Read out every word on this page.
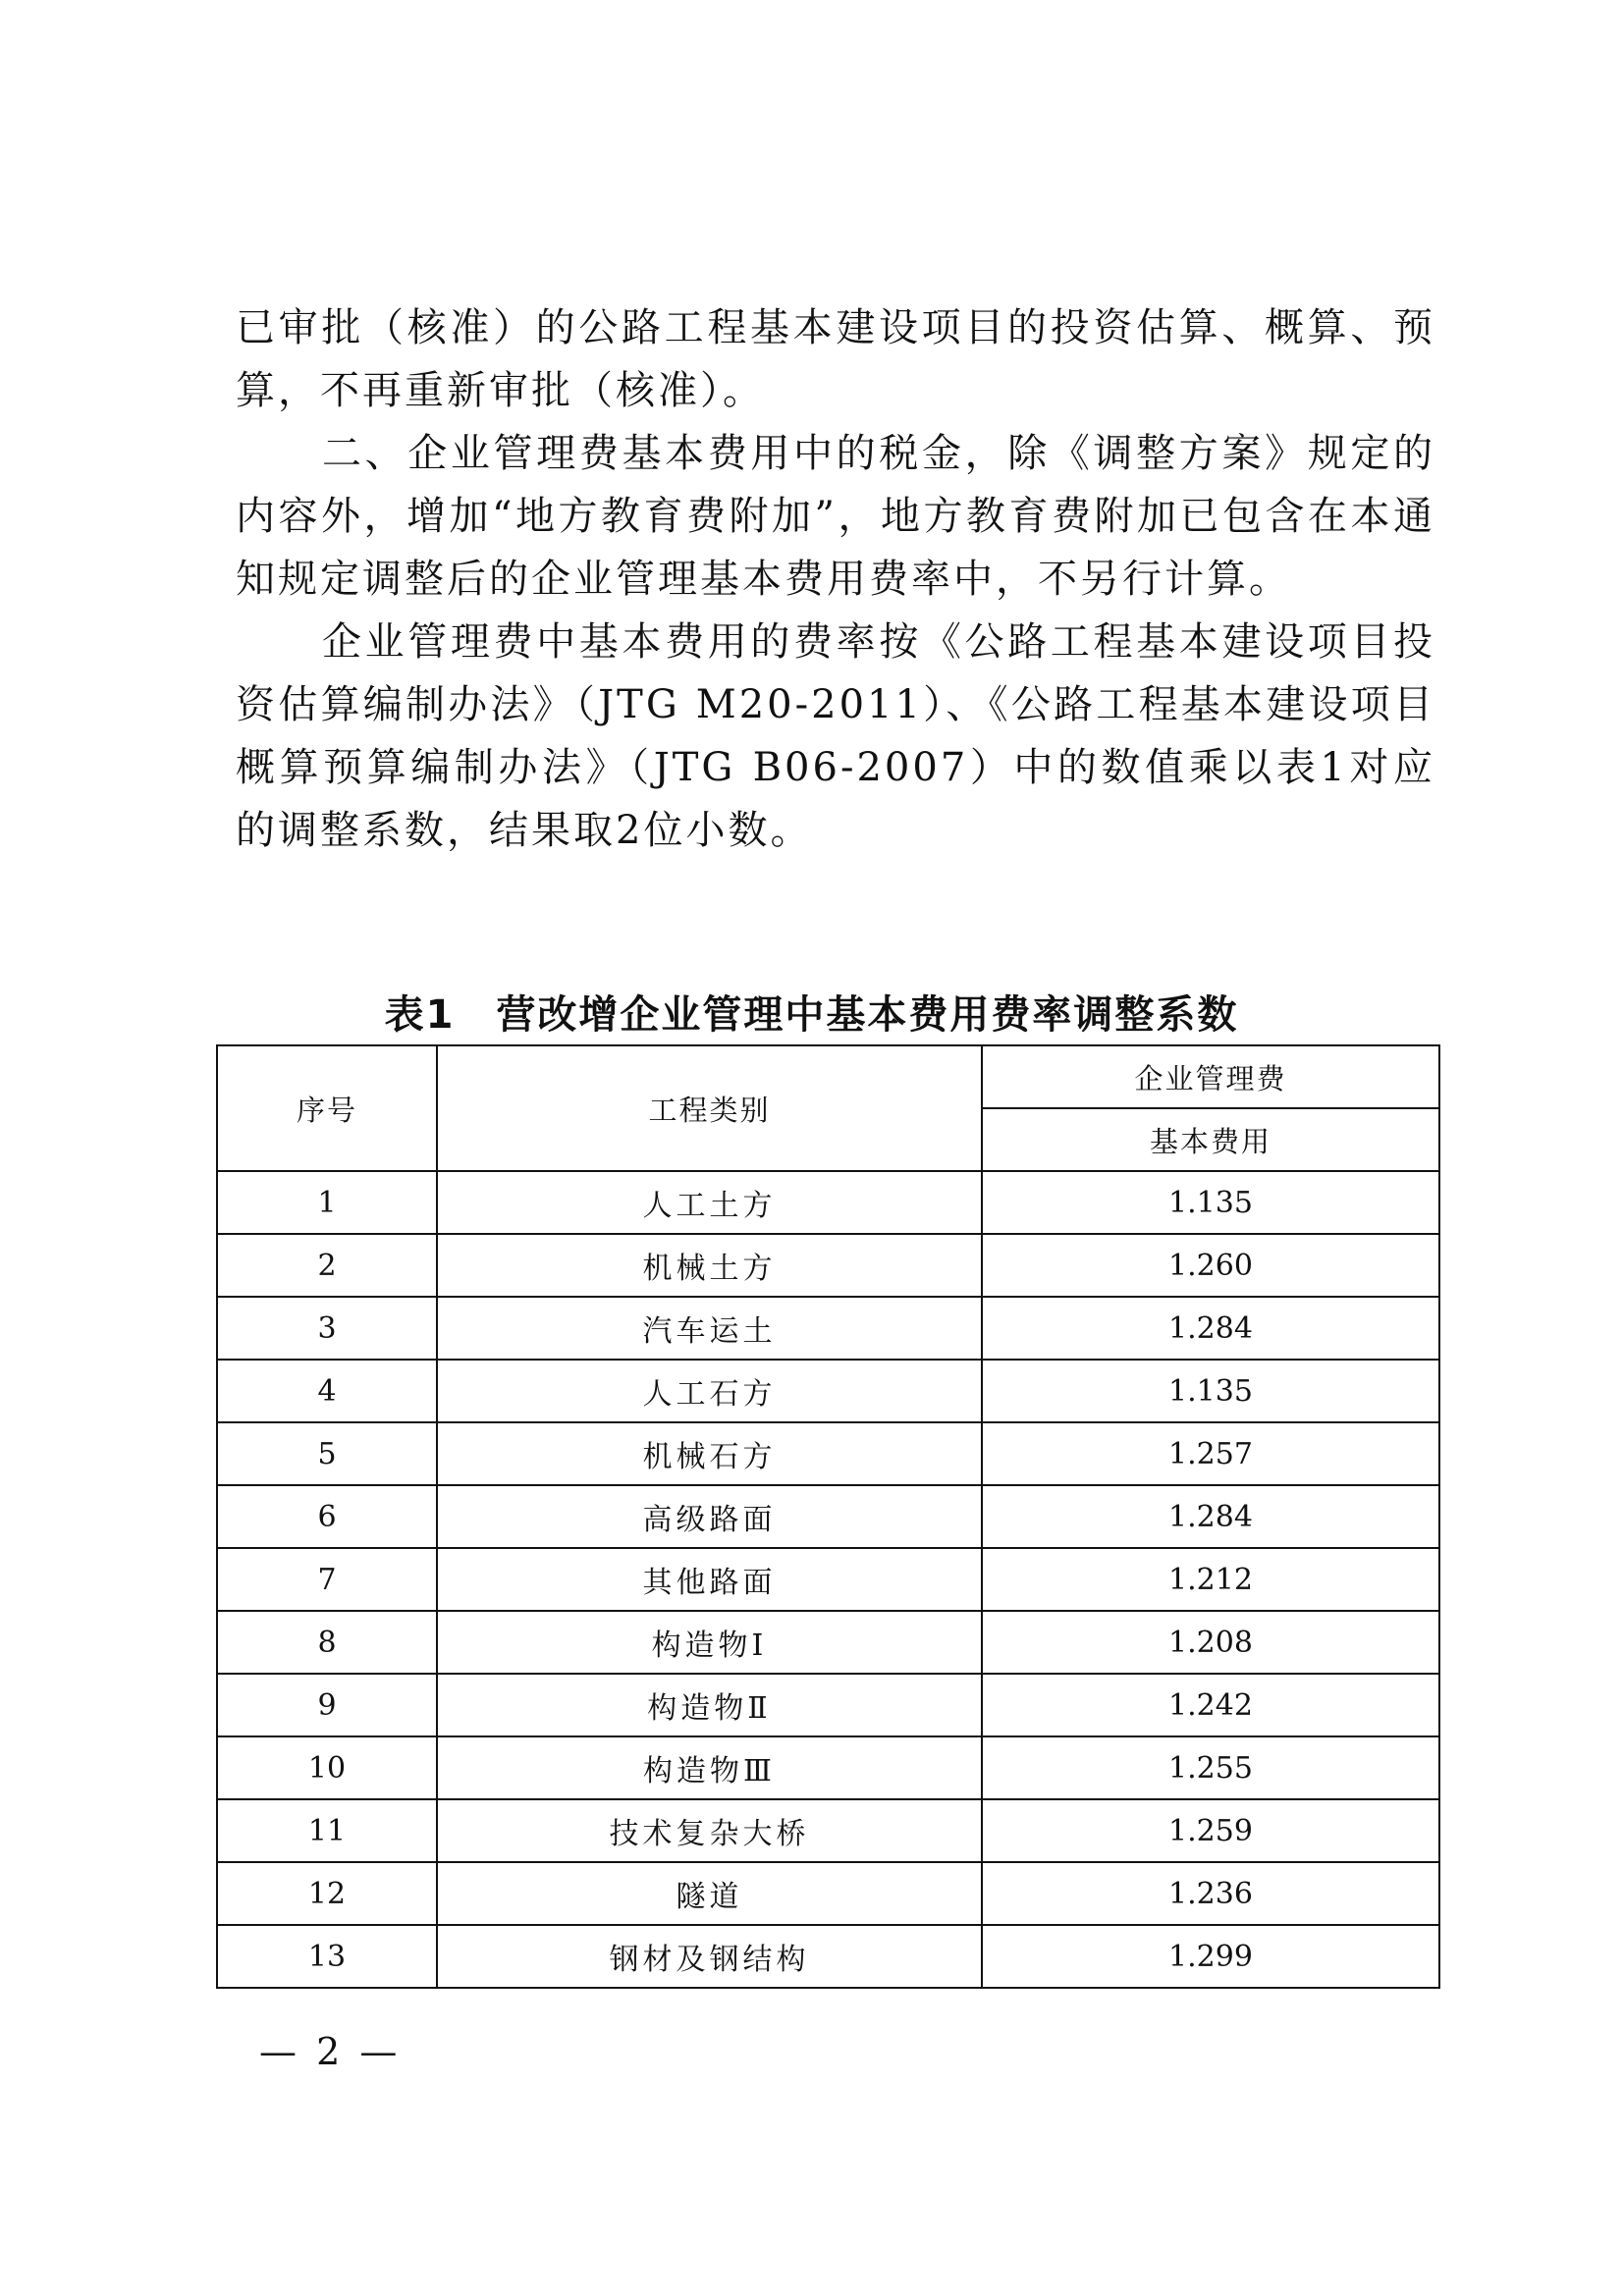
已审批（核准）的公路工程基本建设项目的投资估算、概算、预算，不再重新审批（核准）。

二、企业管理费基本费用中的税金，除《调整方案》规定的内容外，增加“地方教育费附加”，地方教育费附加已包含在本通知规定调整后的企业管理基本费用费率中，不另行计算。

企业管理费中基本费用的费率按《公路工程基本建设项目投资估算编制办法》（JTG M20-2011）、《公路工程基本建设项目概算预算编制办法》（JTG B06-2007）中的数值乘以表1对应的调整系数，结果取2位小数。

表1　营改增企业管理中基本费用费率调整系数
序号	工程类别	企业管理费
		基本费用
1	人工土方	1.135
2	机械土方	1.260
3	汽车运土	1.284
4	人工石方	1.135
5	机械石方	1.257
6	高级路面	1.284
7	其他路面	1.212
8	构造物Ⅰ	1.208
9	构造物Ⅱ	1.242
10	构造物Ⅲ	1.255
11	技术复杂大桥	1.259
12	隧道	1.236
13	钢材及钢结构	1.299
— 2 —
